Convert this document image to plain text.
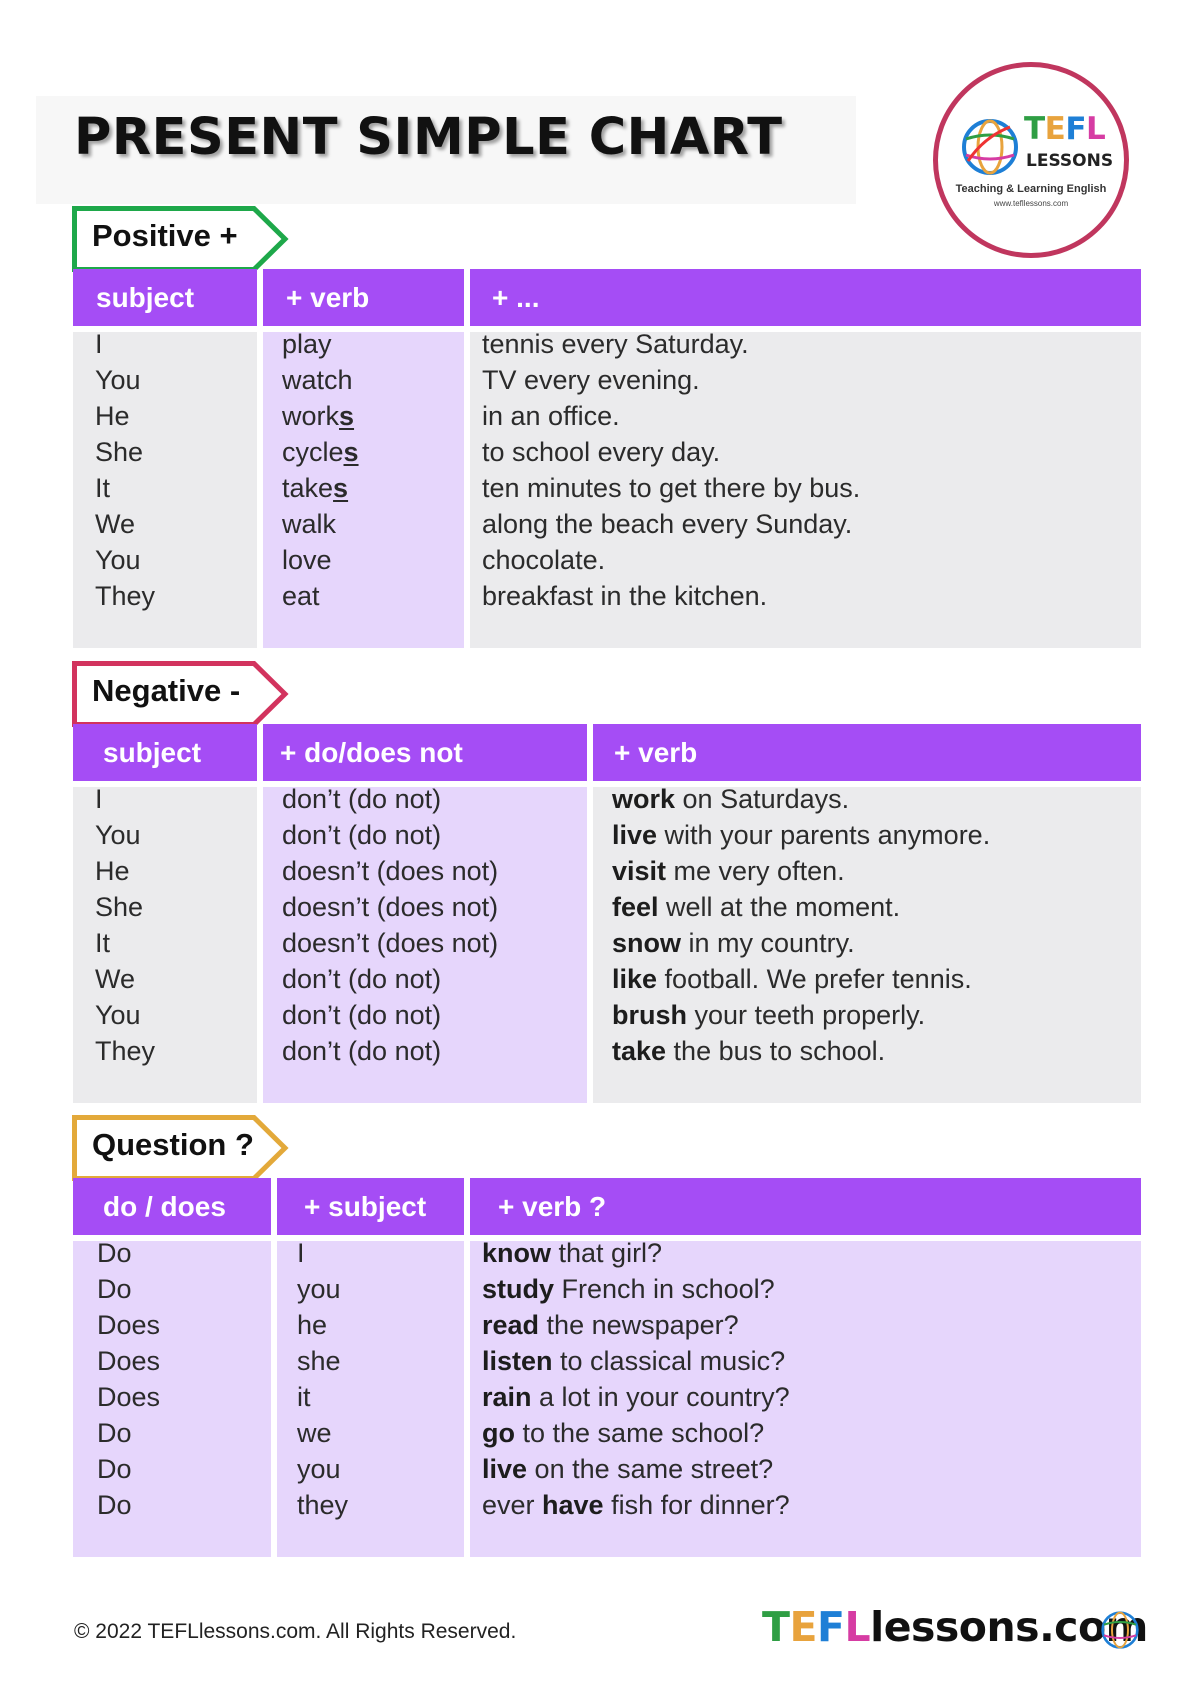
PRESENT SIMPLE CHART	TEFL
LESSONS
Teaching & Learning English
www.tefllessons.com
Positive +
subject	+ verb	+ ...
I	play	tennis every Saturday.
You	watch	TV every evening.
He	works	in an office.
She	cycles	to school every day.
It	takes	ten minutes to get there by bus.
We	walk	along the beach every Sunday.
You	love	chocolate.
They	eat	breakfast in the kitchen.
Negative -
subject	+ do/does not	+ verb
I	don’t (do not)	work on Saturdays.
You	don’t (do not)	live with your parents anymore.
He	doesn’t (does not)	visit me very often.
She	doesn’t (does not)	feel well at the moment.
It	doesn’t (does not)	snow in my country.
We	don’t (do not)	like football. We prefer tennis.
You	don’t (do not)	brush your teeth properly.
They	don’t (do not)	take the bus to school.
Question ?
do / does	+ subject	+ verb ?
Do	I	know that girl?
Do	you	study French in school?
Does	he	read the newspaper?
Does	she	listen to classical music?
Does	it	rain a lot in your country?
Do	we	go to the same school?
Do	you	live on the same street?
Do	they	ever have fish for dinner?
© 2022 TEFLlessons.com. All Rights Reserved.	TEFLlessons.com
